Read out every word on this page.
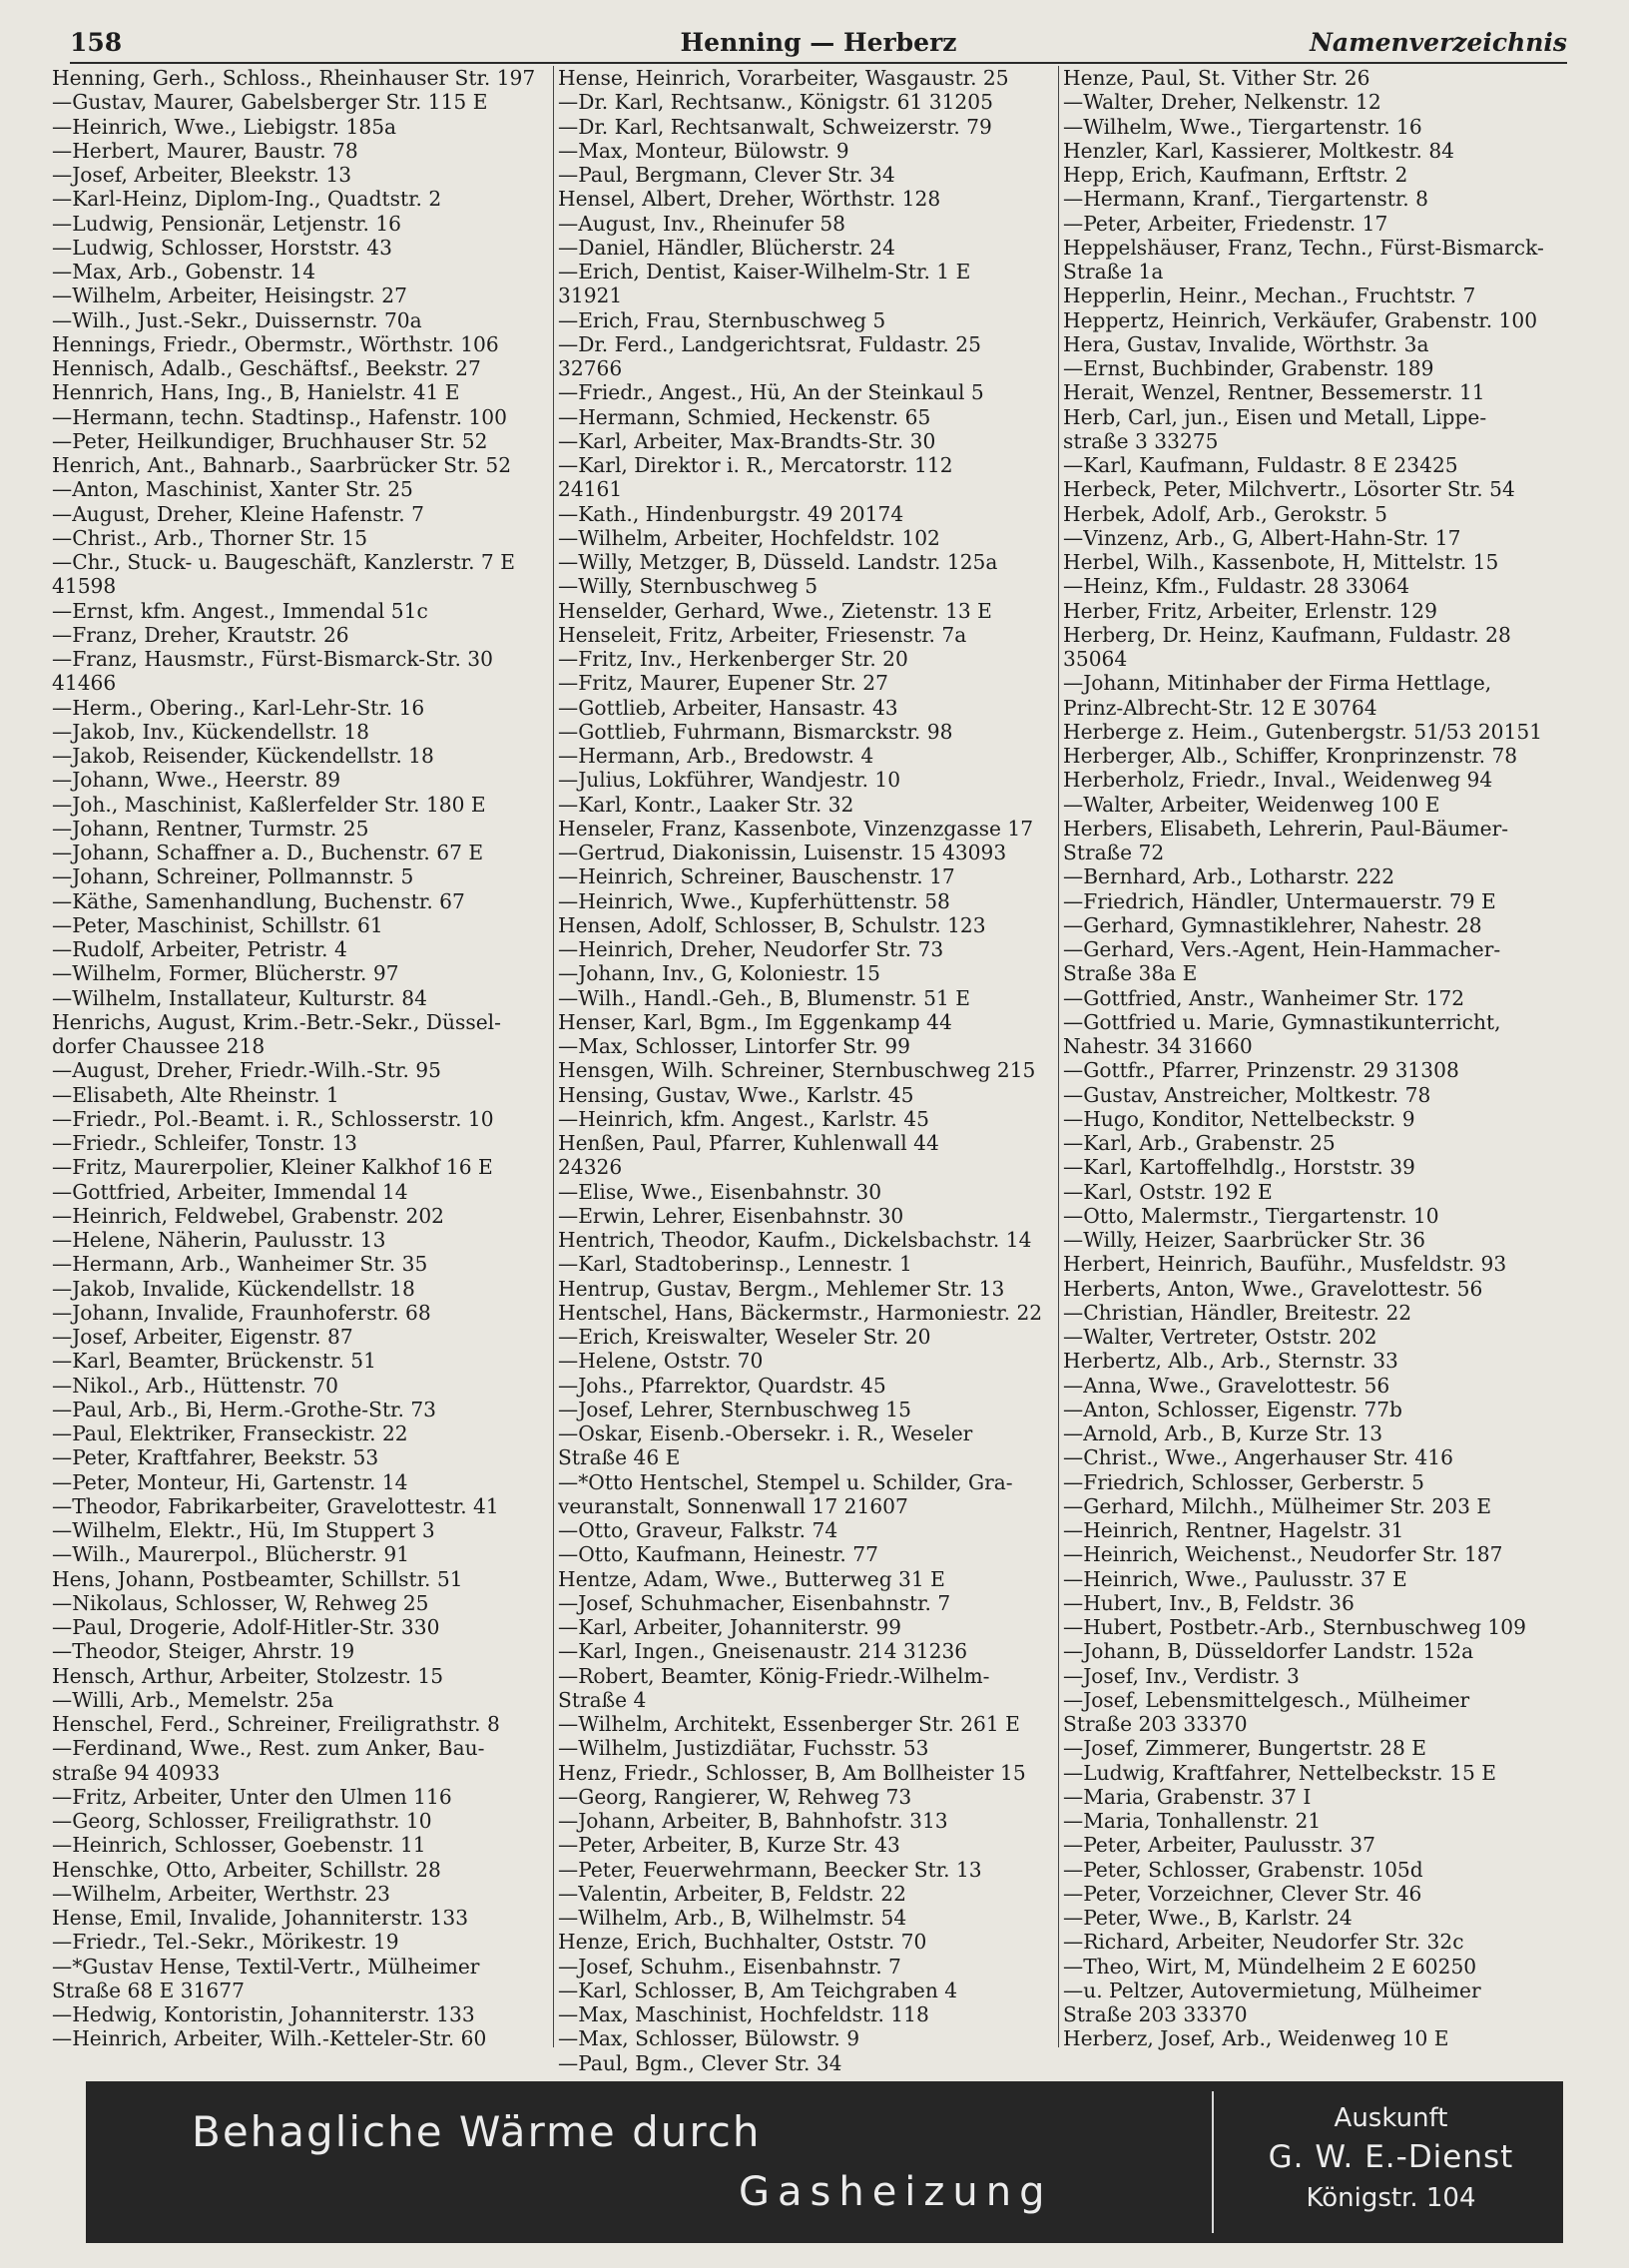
158	Henning — Herberz	Namenverzeichnis
Henning, Gerh., Schloss., Rheinhauser Str. 197
—Gustav, Maurer, Gabelsberger Str. 115 E
—Heinrich, Wwe., Liebigstr. 185a
—Herbert, Maurer, Baustr. 78
—Josef, Arbeiter, Bleekstr. 13
—Karl-Heinz, Diplom-Ing., Quadtstr. 2
—Ludwig, Pensionär, Letjenstr. 16
—Ludwig, Schlosser, Horststr. 43
—Max, Arb., Gobenstr. 14
—Wilhelm, Arbeiter, Heisingstr. 27
—Wilh., Just.-Sekr., Duissernstr. 70a
Hennings, Friedr., Obermstr., Wörthstr. 106
Hennisch, Adalb., Geschäftsf., Beekstr. 27
Hennrich, Hans, Ing., B, Hanielstr. 41 E
—Hermann, techn. Stadtinsp., Hafenstr. 100
—Peter, Heilkundiger, Bruchhauser Str. 52
Henrich, Ant., Bahnarb., Saarbrücker Str. 52
—Anton, Maschinist, Xanter Str. 25
—August, Dreher, Kleine Hafenstr. 7
—Christ., Arb., Thorner Str. 15
—Chr., Stuck- u. Baugeschäft, Kanzlerstr. 7 E
41598
—Ernst, kfm. Angest., Immendal 51c
—Franz, Dreher, Krautstr. 26
—Franz, Hausmstr., Fürst-Bismarck-Str. 30
41466
—Herm., Obering., Karl-Lehr-Str. 16
—Jakob, Inv., Kückendellstr. 18
—Jakob, Reisender, Kückendellstr. 18
—Johann, Wwe., Heerstr. 89
—Joh., Maschinist, Kaßlerfelder Str. 180 E
—Johann, Rentner, Turmstr. 25
—Johann, Schaffner a. D., Buchenstr. 67 E
—Johann, Schreiner, Pollmannstr. 5
—Käthe, Samenhandlung, Buchenstr. 67
—Peter, Maschinist, Schillstr. 61
—Rudolf, Arbeiter, Petristr. 4
—Wilhelm, Former, Blücherstr. 97
—Wilhelm, Installateur, Kulturstr. 84
Henrichs, August, Krim.-Betr.-Sekr., Düssel-
dorfer Chaussee 218
—August, Dreher, Friedr.-Wilh.-Str. 95
—Elisabeth, Alte Rheinstr. 1
—Friedr., Pol.-Beamt. i. R., Schlosserstr. 10
—Friedr., Schleifer, Tonstr. 13
—Fritz, Maurerpolier, Kleiner Kalkhof 16 E
—Gottfried, Arbeiter, Immendal 14
—Heinrich, Feldwebel, Grabenstr. 202
—Helene, Näherin, Paulusstr. 13
—Hermann, Arb., Wanheimer Str. 35
—Jakob, Invalide, Kückendellstr. 18
—Johann, Invalide, Fraunhoferstr. 68
—Josef, Arbeiter, Eigenstr. 87
—Karl, Beamter, Brückenstr. 51
—Nikol., Arb., Hüttenstr. 70
—Paul, Arb., Bi, Herm.-Grothe-Str. 73
—Paul, Elektriker, Franseckistr. 22
—Peter, Kraftfahrer, Beekstr. 53
—Peter, Monteur, Hi, Gartenstr. 14
—Theodor, Fabrikarbeiter, Gravelottestr. 41
—Wilhelm, Elektr., Hü, Im Stuppert 3
—Wilh., Maurerpol., Blücherstr. 91
Hens, Johann, Postbeamter, Schillstr. 51
—Nikolaus, Schlosser, W, Rehweg 25
—Paul, Drogerie, Adolf-Hitler-Str. 330
—Theodor, Steiger, Ahrstr. 19
Hensch, Arthur, Arbeiter, Stolzestr. 15
—Willi, Arb., Memelstr. 25a
Henschel, Ferd., Schreiner, Freiligrathstr. 8
—Ferdinand, Wwe., Rest. zum Anker, Bau-
straße 94 40933
—Fritz, Arbeiter, Unter den Ulmen 116
—Georg, Schlosser, Freiligrathstr. 10
—Heinrich, Schlosser, Goebenstr. 11
Henschke, Otto, Arbeiter, Schillstr. 28
—Wilhelm, Arbeiter, Werthstr. 23
Hense, Emil, Invalide, Johanniterstr. 133
—Friedr., Tel.-Sekr., Mörikestr. 19
—*Gustav Hense, Textil-Vertr., Mülheimer
Straße 68 E 31677
—Hedwig, Kontoristin, Johanniterstr. 133
—Heinrich, Arbeiter, Wilh.-Ketteler-Str. 60
Hense, Heinrich, Vorarbeiter, Wasgaustr. 25
—Dr. Karl, Rechtsanw., Königstr. 61 31205
—Dr. Karl, Rechtsanwalt, Schweizerstr. 79
—Max, Monteur, Bülowstr. 9
—Paul, Bergmann, Clever Str. 34
Hensel, Albert, Dreher, Wörthstr. 128
—August, Inv., Rheinufer 58
—Daniel, Händler, Blücherstr. 24
—Erich, Dentist, Kaiser-Wilhelm-Str. 1 E
31921
—Erich, Frau, Sternbuschweg 5
—Dr. Ferd., Landgerichtsrat, Fuldastr. 25
32766
—Friedr., Angest., Hü, An der Steinkaul 5
—Hermann, Schmied, Heckenstr. 65
—Karl, Arbeiter, Max-Brandts-Str. 30
—Karl, Direktor i. R., Mercatorstr. 112
24161
—Kath., Hindenburgstr. 49 20174
—Wilhelm, Arbeiter, Hochfeldstr. 102
—Willy, Metzger, B, Düsseld. Landstr. 125a
—Willy, Sternbuschweg 5
Henselder, Gerhard, Wwe., Zietenstr. 13 E
Henseleit, Fritz, Arbeiter, Friesenstr. 7a
—Fritz, Inv., Herkenberger Str. 20
—Fritz, Maurer, Eupener Str. 27
—Gottlieb, Arbeiter, Hansastr. 43
—Gottlieb, Fuhrmann, Bismarckstr. 98
—Hermann, Arb., Bredowstr. 4
—Julius, Lokführer, Wandjestr. 10
—Karl, Kontr., Laaker Str. 32
Henseler, Franz, Kassenbote, Vinzenzgasse 17
—Gertrud, Diakonissin, Luisenstr. 15 43093
—Heinrich, Schreiner, Bauschenstr. 17
—Heinrich, Wwe., Kupferhüttenstr. 58
Hensen, Adolf, Schlosser, B, Schulstr. 123
—Heinrich, Dreher, Neudorfer Str. 73
—Johann, Inv., G, Koloniestr. 15
—Wilh., Handl.-Geh., B, Blumenstr. 51 E
Henser, Karl, Bgm., Im Eggenkamp 44
—Max, Schlosser, Lintorfer Str. 99
Hensgen, Wilh. Schreiner, Sternbuschweg 215
Hensing, Gustav, Wwe., Karlstr. 45
—Heinrich, kfm. Angest., Karlstr. 45
Henßen, Paul, Pfarrer, Kuhlenwall 44
24326
—Elise, Wwe., Eisenbahnstr. 30
—Erwin, Lehrer, Eisenbahnstr. 30
Hentrich, Theodor, Kaufm., Dickelsbachstr. 14
—Karl, Stadtoberinsp., Lennestr. 1
Hentrup, Gustav, Bergm., Mehlemer Str. 13
Hentschel, Hans, Bäckermstr., Harmoniestr. 22
—Erich, Kreiswalter, Weseler Str. 20
—Helene, Oststr. 70
—Johs., Pfarrektor, Quardstr. 45
—Josef, Lehrer, Sternbuschweg 15
—Oskar, Eisenb.-Obersekr. i. R., Weseler
Straße 46 E
—*Otto Hentschel, Stempel u. Schilder, Gra-
veuranstalt, Sonnenwall 17 21607
—Otto, Graveur, Falkstr. 74
—Otto, Kaufmann, Heinestr. 77
Hentze, Adam, Wwe., Butterweg 31 E
—Josef, Schuhmacher, Eisenbahnstr. 7
—Karl, Arbeiter, Johanniterstr. 99
—Karl, Ingen., Gneisenaustr. 214 31236
—Robert, Beamter, König-Friedr.-Wilhelm-
Straße 4
—Wilhelm, Architekt, Essenberger Str. 261 E
—Wilhelm, Justizdiätar, Fuchsstr. 53
Henz, Friedr., Schlosser, B, Am Bollheister 15
—Georg, Rangierer, W, Rehweg 73
—Johann, Arbeiter, B, Bahnhofstr. 313
—Peter, Arbeiter, B, Kurze Str. 43
—Peter, Feuerwehrmann, Beecker Str. 13
—Valentin, Arbeiter, B, Feldstr. 22
—Wilhelm, Arb., B, Wilhelmstr. 54
Henze, Erich, Buchhalter, Oststr. 70
—Josef, Schuhm., Eisenbahnstr. 7
—Karl, Schlosser, B, Am Teichgraben 4
—Max, Maschinist, Hochfeldstr. 118
—Max, Schlosser, Bülowstr. 9
—Paul, Bgm., Clever Str. 34
Henze, Paul, St. Vither Str. 26
—Walter, Dreher, Nelkenstr. 12
—Wilhelm, Wwe., Tiergartenstr. 16
Henzler, Karl, Kassierer, Moltkestr. 84
Hepp, Erich, Kaufmann, Erftstr. 2
—Hermann, Kranf., Tiergartenstr. 8
—Peter, Arbeiter, Friedenstr. 17
Heppelshäuser, Franz, Techn., Fürst-Bismarck-
Straße 1a
Hepperlin, Heinr., Mechan., Fruchtstr. 7
Heppertz, Heinrich, Verkäufer, Grabenstr. 100
Hera, Gustav, Invalide, Wörthstr. 3a
—Ernst, Buchbinder, Grabenstr. 189
Herait, Wenzel, Rentner, Bessemerstr. 11
Herb, Carl, jun., Eisen und Metall, Lippe-
straße 3 33275
—Karl, Kaufmann, Fuldastr. 8 E 23425
Herbeck, Peter, Milchvertr., Lösorter Str. 54
Herbek, Adolf, Arb., Gerokstr. 5
—Vinzenz, Arb., G, Albert-Hahn-Str. 17
Herbel, Wilh., Kassenbote, H, Mittelstr. 15
—Heinz, Kfm., Fuldastr. 28 33064
Herber, Fritz, Arbeiter, Erlenstr. 129
Herberg, Dr. Heinz, Kaufmann, Fuldastr. 28
35064
—Johann, Mitinhaber der Firma Hettlage,
Prinz-Albrecht-Str. 12 E 30764
Herberge z. Heim., Gutenbergstr. 51/53 20151
Herberger, Alb., Schiffer, Kronprinzenstr. 78
Herberholz, Friedr., Inval., Weidenweg 94
—Walter, Arbeiter, Weidenweg 100 E
Herbers, Elisabeth, Lehrerin, Paul-Bäumer-
Straße 72
—Bernhard, Arb., Lotharstr. 222
—Friedrich, Händler, Untermauerstr. 79 E
—Gerhard, Gymnastiklehrer, Nahestr. 28
—Gerhard, Vers.-Agent, Hein-Hammacher-
Straße 38a E
—Gottfried, Anstr., Wanheimer Str. 172
—Gottfried u. Marie, Gymnastikunterricht,
Nahestr. 34 31660
—Gottfr., Pfarrer, Prinzenstr. 29 31308
—Gustav, Anstreicher, Moltkestr. 78
—Hugo, Konditor, Nettelbeckstr. 9
—Karl, Arb., Grabenstr. 25
—Karl, Kartoffelhdlg., Horststr. 39
—Karl, Oststr. 192 E
—Otto, Malermstr., Tiergartenstr. 10
—Willy, Heizer, Saarbrücker Str. 36
Herbert, Heinrich, Bauführ., Musfeldstr. 93
Herberts, Anton, Wwe., Gravelottestr. 56
—Christian, Händler, Breitestr. 22
—Walter, Vertreter, Oststr. 202
Herbertz, Alb., Arb., Sternstr. 33
—Anna, Wwe., Gravelottestr. 56
—Anton, Schlosser, Eigenstr. 77b
—Arnold, Arb., B, Kurze Str. 13
—Christ., Wwe., Angerhauser Str. 416
—Friedrich, Schlosser, Gerberstr. 5
—Gerhard, Milchh., Mülheimer Str. 203 E
—Heinrich, Rentner, Hagelstr. 31
—Heinrich, Weichenst., Neudorfer Str. 187
—Heinrich, Wwe., Paulusstr. 37 E
—Hubert, Inv., B, Feldstr. 36
—Hubert, Postbetr.-Arb., Sternbuschweg 109
—Johann, B, Düsseldorfer Landstr. 152a
—Josef, Inv., Verdistr. 3
—Josef, Lebensmittelgesch., Mülheimer
Straße 203 33370
—Josef, Zimmerer, Bungertstr. 28 E
—Ludwig, Kraftfahrer, Nettelbeckstr. 15 E
—Maria, Grabenstr. 37 I
—Maria, Tonhallenstr. 21
—Peter, Arbeiter, Paulusstr. 37
—Peter, Schlosser, Grabenstr. 105d
—Peter, Vorzeichner, Clever Str. 46
—Peter, Wwe., B, Karlstr. 24
—Richard, Arbeiter, Neudorfer Str. 32c
—Theo, Wirt, M, Mündelheim 2 E 60250
—u. Peltzer, Autovermietung, Mülheimer
Straße 203 33370
Herberz, Josef, Arb., Weidenweg 10 E
Behagliche Wärme durch
Gasheizung
Auskunft
G. W. E.-Dienst
Königstr. 104
